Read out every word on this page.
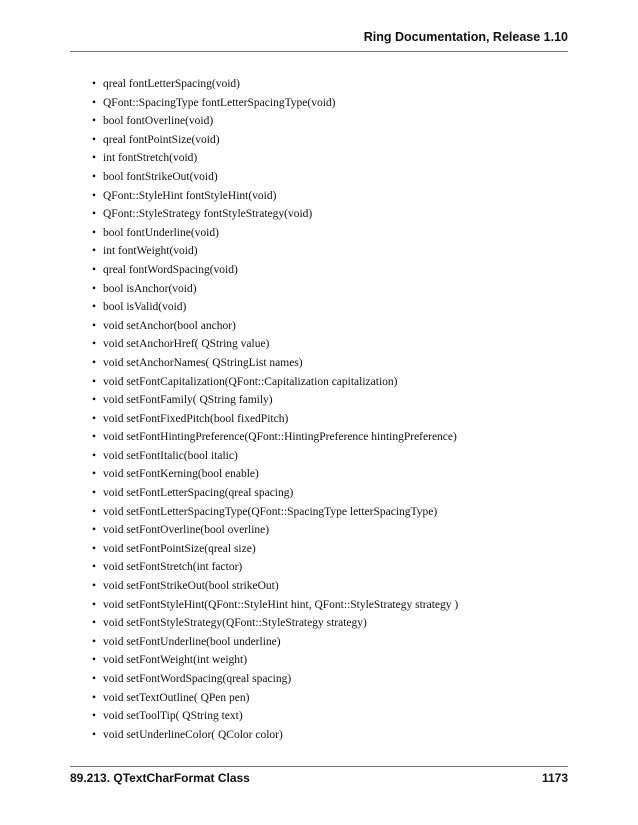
Ring Documentation, Release 1.10
• qreal fontLetterSpacing(void)
• QFont::SpacingType fontLetterSpacingType(void)
• bool fontOverline(void)
• qreal fontPointSize(void)
• int fontStretch(void)
• bool fontStrikeOut(void)
• QFont::StyleHint fontStyleHint(void)
• QFont::StyleStrategy fontStyleStrategy(void)
• bool fontUnderline(void)
• int fontWeight(void)
• qreal fontWordSpacing(void)
• bool isAnchor(void)
• bool isValid(void)
• void setAnchor(bool anchor)
• void setAnchorHref( QString value)
• void setAnchorNames( QStringList names)
• void setFontCapitalization(QFont::Capitalization capitalization)
• void setFontFamily( QString family)
• void setFontFixedPitch(bool fixedPitch)
• void setFontHintingPreference(QFont::HintingPreference hintingPreference)
• void setFontItalic(bool italic)
• void setFontKerning(bool enable)
• void setFontLetterSpacing(qreal spacing)
• void setFontLetterSpacingType(QFont::SpacingType letterSpacingType)
• void setFontOverline(bool overline)
• void setFontPointSize(qreal size)
• void setFontStretch(int factor)
• void setFontStrikeOut(bool strikeOut)
• void setFontStyleHint(QFont::StyleHint hint, QFont::StyleStrategy strategy )
• void setFontStyleStrategy(QFont::StyleStrategy strategy)
• void setFontUnderline(bool underline)
• void setFontWeight(int weight)
• void setFontWordSpacing(qreal spacing)
• void setTextOutline( QPen pen)
• void setToolTip( QString text)
• void setUnderlineColor( QColor color)
89.213. QTextCharFormat Class	1173
